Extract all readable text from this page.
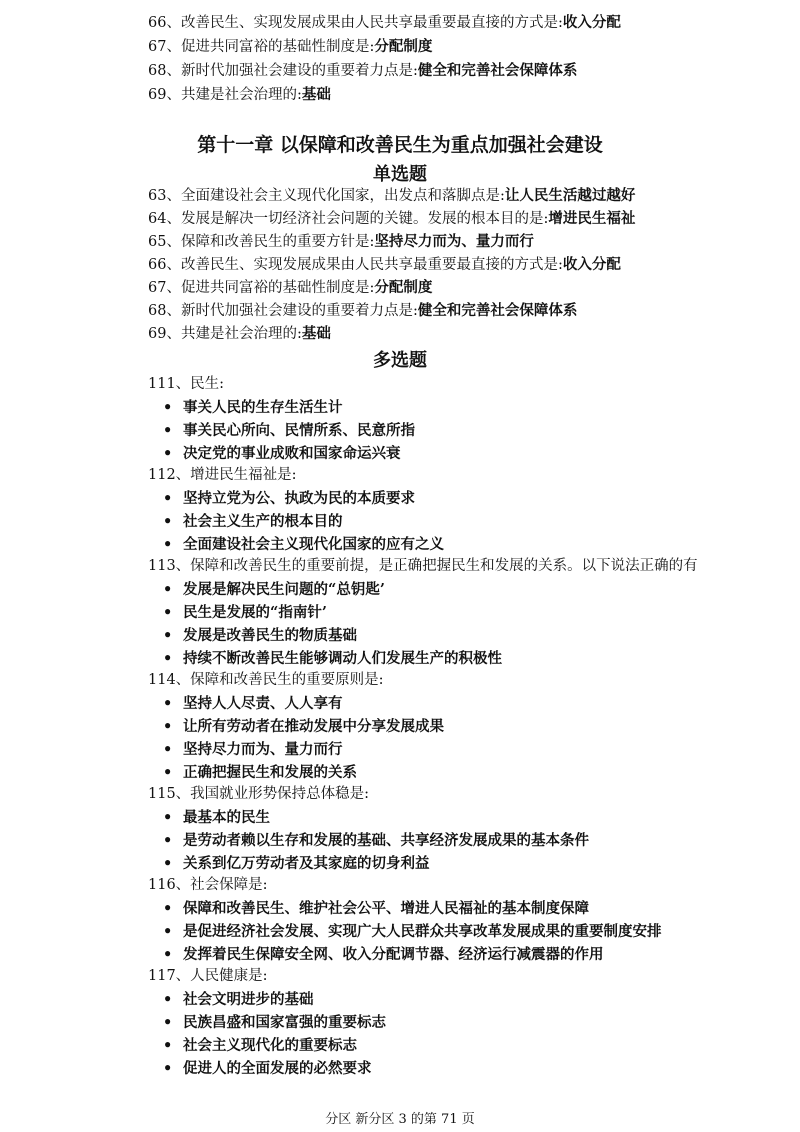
66、改善民生、实现发展成果由人民共享最重要最直接的方式是:收入分配
67、促进共同富裕的基础性制度是:分配制度
68、新时代加强社会建设的重要着力点是:健全和完善社会保障体系
69、共建是社会治理的:基础
第十一章 以保障和改善民生为重点加强社会建设
单选题
63、全面建设社会主义现代化国家，出发点和落脚点是:让人民生活越过越好
64、发展是解决一切经济社会问题的关键。发展的根本目的是:增进民生福祉
65、保障和改善民生的重要方针是:坚持尽力而为、量力而行
66、改善民生、实现发展成果由人民共享最重要最直接的方式是:收入分配
67、促进共同富裕的基础性制度是:分配制度
68、新时代加强社会建设的重要着力点是:健全和完善社会保障体系
69、共建是社会治理的:基础
多选题
111、民生:
• 事关人民的生存生活生计
• 事关民心所向、民情所系、民意所指
• 决定党的事业成败和国家命运兴衰
112、增进民生福祉是:
• 坚持立党为公、执政为民的本质要求
• 社会主义生产的根本目的
• 全面建设社会主义现代化国家的应有之义
113、保障和改善民生的重要前提，是正确把握民生和发展的关系。以下说法正确的有
• 发展是解决民生问题的“总钥匙’
• 民生是发展的“指南针’
• 发展是改善民生的物质基础
• 持续不断改善民生能够调动人们发展生产的积极性
114、保障和改善民生的重要原则是:
• 坚持人人尽责、人人享有
• 让所有劳动者在推动发展中分享发展成果
• 坚持尽力而为、量力而行
• 正确把握民生和发展的关系
115、我国就业形势保持总体稳是:
• 最基本的民生
• 是劳动者赖以生存和发展的基础、共享经济发展成果的基本条件
• 关系到亿万劳动者及其家庭的切身利益
116、社会保障是:
• 保障和改善民生、维护社会公平、增进人民福祉的基本制度保障
• 是促进经济社会发展、实现广大人民群众共享改革发展成果的重要制度安排
• 发挥着民生保障安全网、收入分配调节器、经济运行减震器的作用
117、人民健康是:
• 社会文明进步的基础
• 民族昌盛和国家富强的重要标志
• 社会主义现代化的重要标志
• 促进人的全面发展的必然要求
分区 新分区 3 的第 71 页
